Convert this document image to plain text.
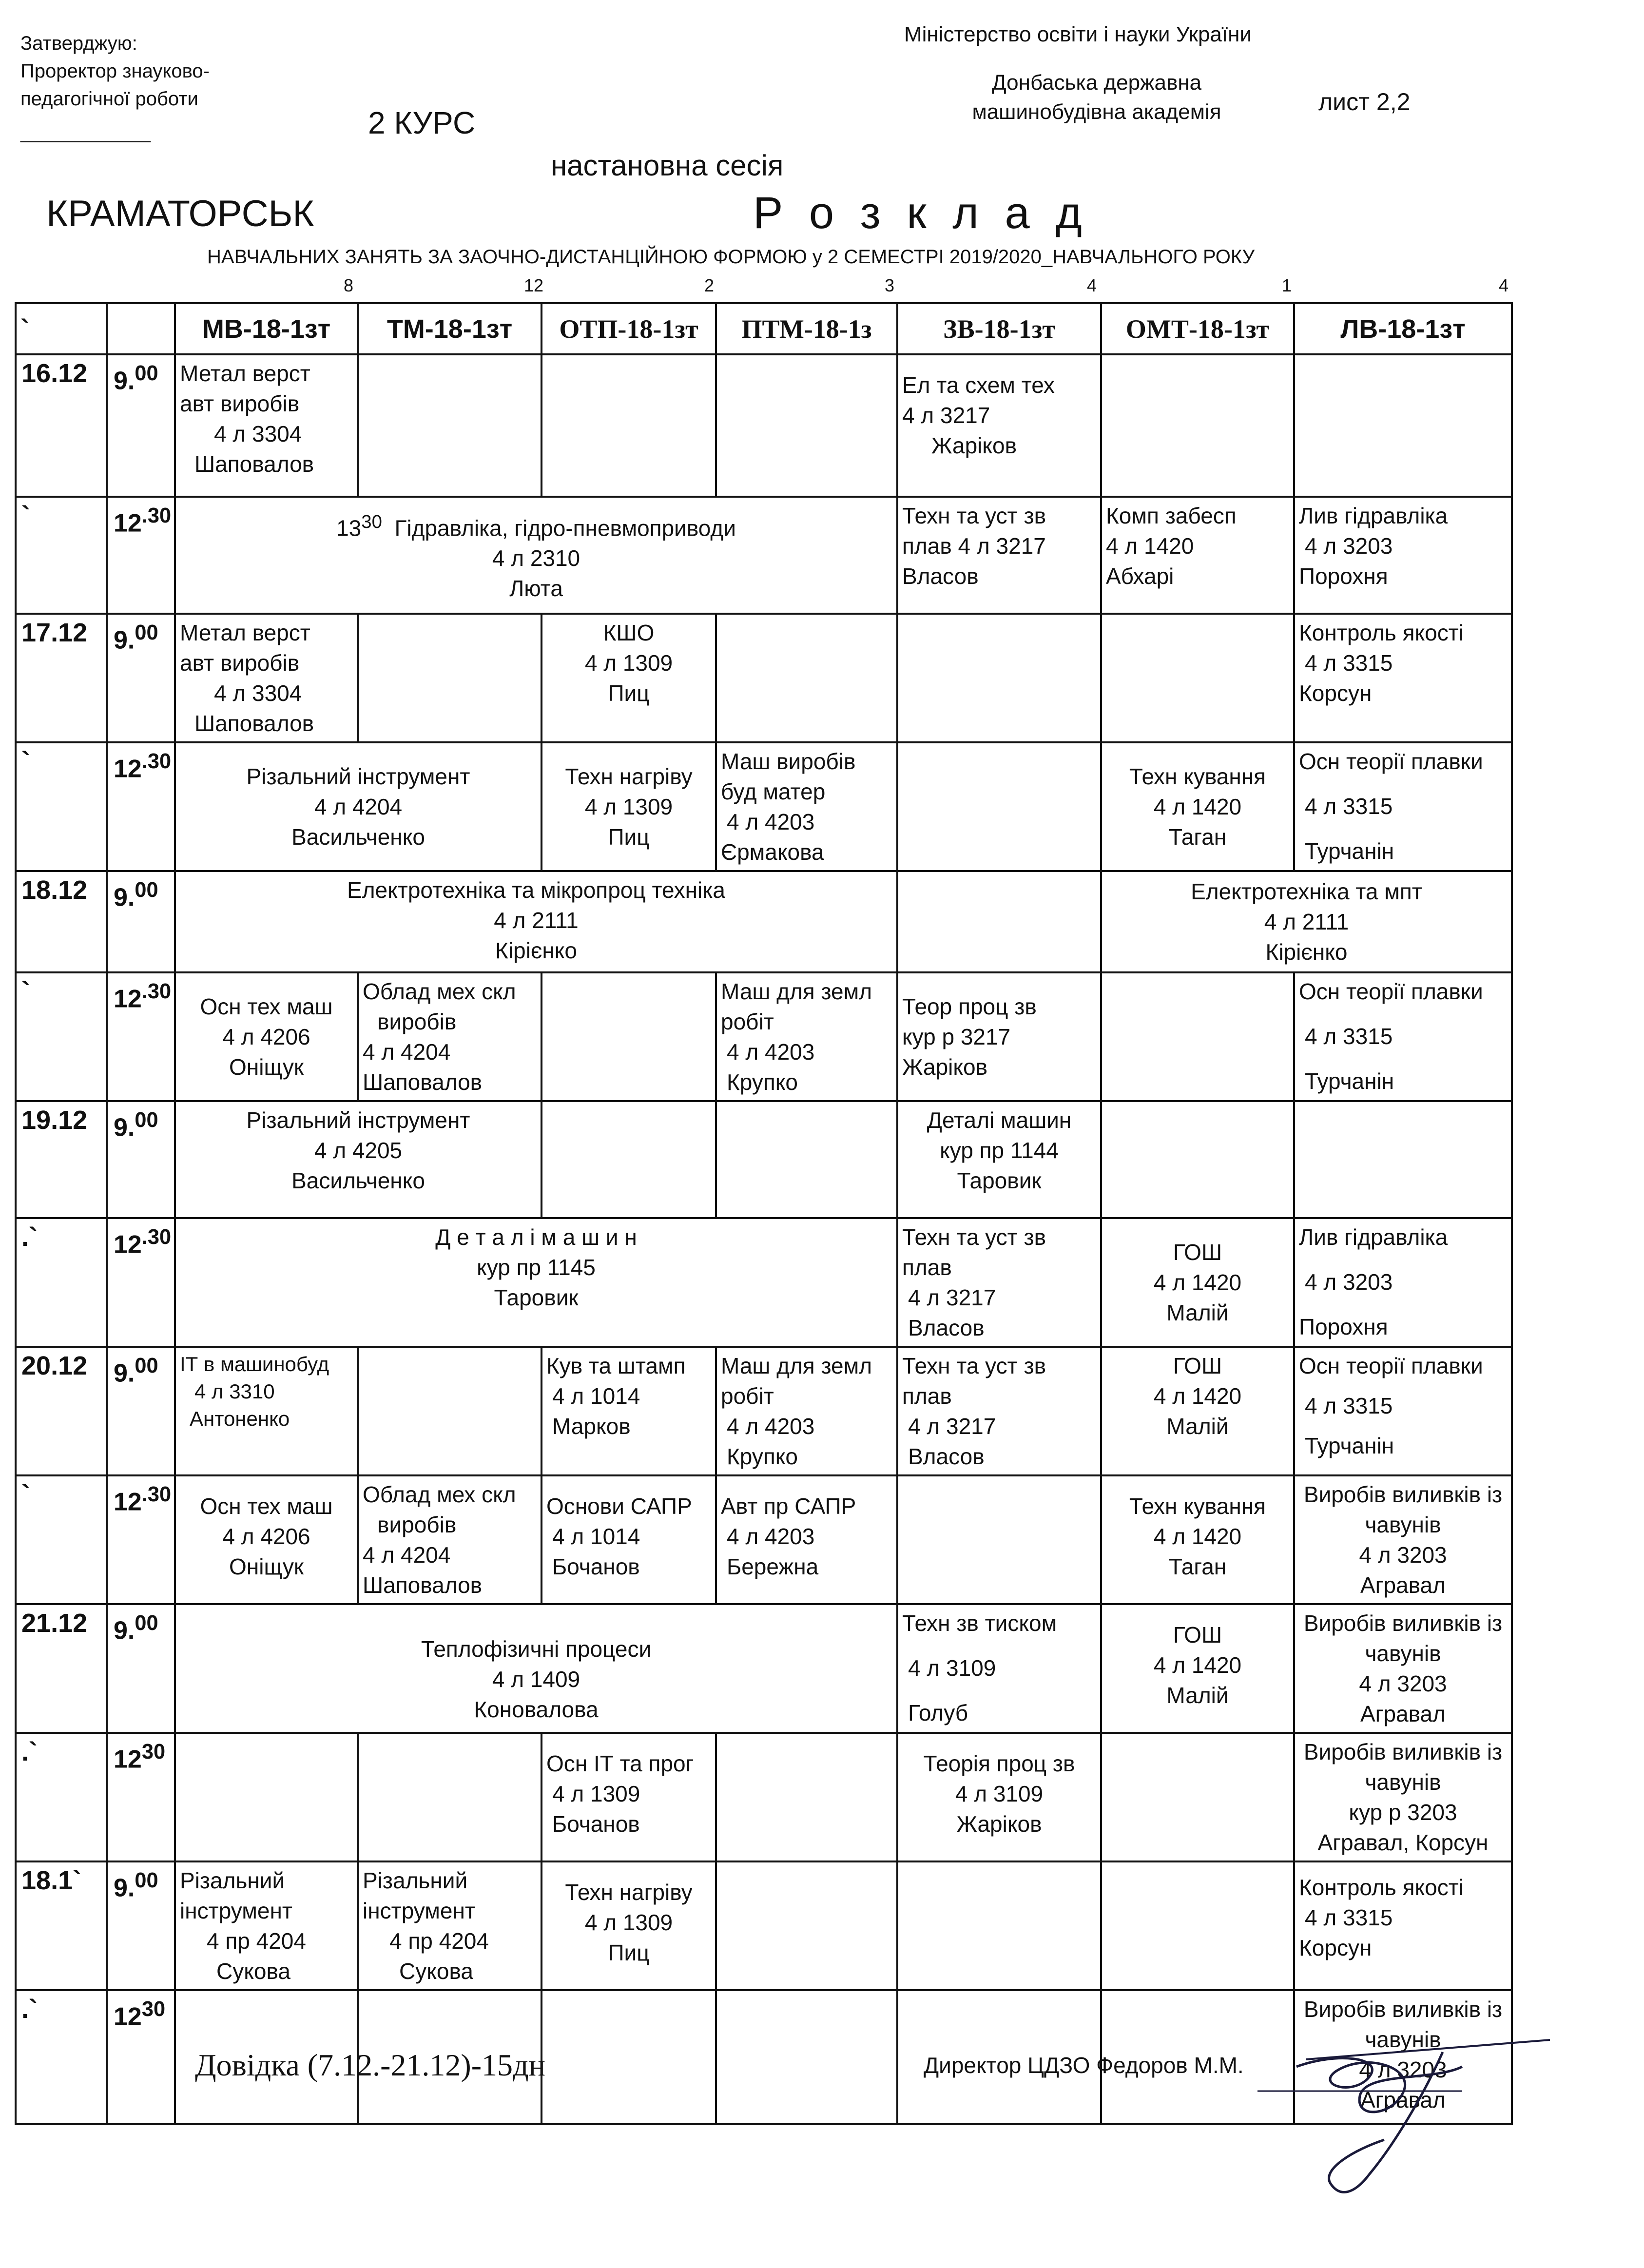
Затверджую:
Проректор знауково-
педагогічної роботи
____________
Міністерство освіти і науки України
Донбаська державна
машинобудівна академія	лист 2,2
2 КУРС
настановна сесія
КРАМАТОРСЬК	Р о з к л а д
НАВЧАЛЬНИХ ЗАНЯТЬ ЗА ЗАОЧНО-ДИСТАНЦІЙНОЮ ФОРМОЮ у 2 СЕМЕСТРІ 2019/2020_НАВЧАЛЬНОГО РОКУ
8	12	2	3	4	1	4
`		МВ-18-1зт	ТМ-18-1зт	ОТП-18-1зт	ПТМ-18-1з	ЗВ-18-1зт	ОМТ-18-1зт	ЛВ-18-1зт
16.12	9.00	Метал верст
авт виробів
4 л 3304
Шаповалов				Ел та схем тех
4 л 3217
Жаріков		

`	$12^{.30}$	$13^{30}$ Гідравліка, гідро-пневмоприводи
4 л 2310
Люта				Техн та уст зв
плав 4 л 3217
Власов	Комп забесп
4 л 1420
Абхарі	Лив гідравліка
4 л 3203
Порохня

17.12	9.00	Метал верст
авт виробів
4 л 3304
Шаповалов		КШО
4 л 1309
Пиц				Контроль якості
4 л 3315
Корсун

`	$12^{.30}$	Різальний інструмент
4 л 4204
Васильченко		Техн нагріву
4 л 1309
Пиц	Маш виробів
буд матер
4 л 4203
Єрмакова		Техн кування
4 л 1420
Таган	Осн теорії плавки
4 л 3315
Турчанін

18.12	9.00	Електротехніка та мікропроц техніка
4 л 2111
Кірієнко					Електротехніка та мпт
4 л 2111
Кірієнко	

`	$12^{.30}$	Осн тех маш
4 л 4206
Оніщук	Облад мех скл
виробів
4 л 4204
Шаповалов		Маш для земл
робіт
4 л 4203
Крупко	Теор проц зв
кур р 3217
Жаріков		Осн теорії плавки
4 л 3315
Турчанін

19.12	9.00	Різальний інструмент
4 л 4205
Васильченко				Деталі машин
кур пр 1144
Таровик		

.`	$12^{.30}$	Д е т а л і м а ш и н
кур пр 1145
Таровик				Техн та уст зв
плав
4 л 3217
Власов	ГОШ
4 л 1420
Малій	Лив гідравліка
4 л 3203
Порохня

20.12	9.00	ІТ в машинобуд
4 л 3310
Антоненко		Кув та штамп
4 л 1014
Марков	Маш для земл
робіт
4 л 4203
Крупко	Техн та уст зв
плав
4 л 3217
Власов	ГОШ
4 л 1420
Малій	Осн теорії плавки
4 л 3315
Турчанін

`	$12^{.30}$	Осн тех маш
4 л 4206
Оніщук	Облад мех скл
виробів
4 л 4204
Шаповалов	Основи САПР
4 л 1014
Бочанов	Авт пр САПР
4 л 4203
Бережна		Техн кування
4 л 1420
Таган	Виробів виливків із
чавунів
4 л 3203
Агравал

21.12	9.00	Теплофізичні процеси
4 л 1409
Коновалова				Техн зв тиском
4 л 3109
Голуб	ГОШ
4 л 1420
Малій	Виробів виливків із
чавунів
4 л 3203
Агравал

.`	$12^{30}$			Осн ІТ та прог
4 л 1309
Бочанов		Теорія проц зв
4 л 3109
Жаріков		Виробів виливків із
чавунів
кур р 3203
Агравал, Корсун

18.1`	9.00	Різальний
інструмент
4 пр 4204
Сукова	Різальний
інструмент
4 пр 4204
Сукова	Техн нагріву
4 л 1309
Пиц				Контроль якості
4 л 3315
Корсун

.`	$12^{30}$							Виробів виливків із
чавунів
4 л 3203
Агравал
Довідка (7.12.-21.12)-15дн	Директор ЦДЗО Федоров М.М.
